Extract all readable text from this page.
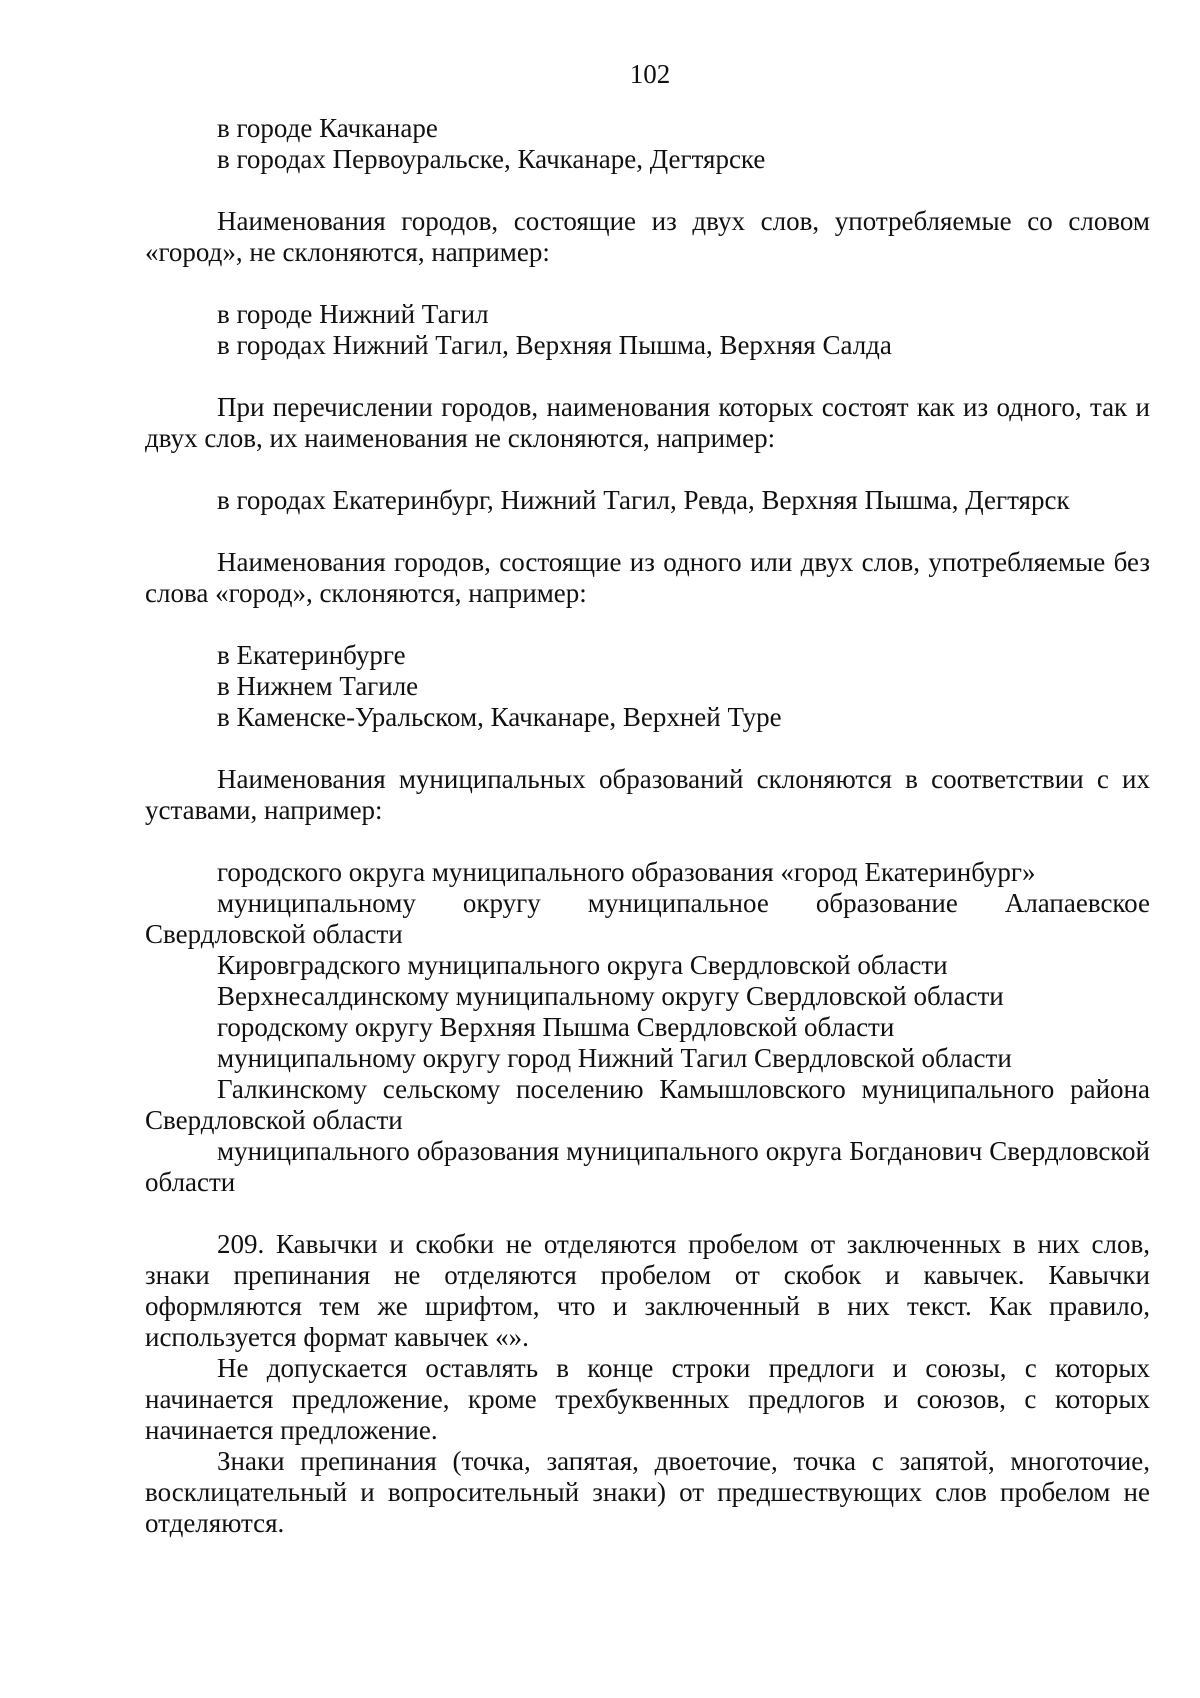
102
в городе Качканаре
в городах Первоуральске, Качканаре, Дегтярске

Наименования городов, состоящие из двух слов, употребляемые со словом «город», не склоняются, например:

в городе Нижний Тагил
в городах Нижний Тагил, Верхняя Пышма, Верхняя Салда

При перечислении городов, наименования которых состоят как из одного, так и двух слов, их наименования не склоняются, например:

в городах Екатеринбург, Нижний Тагил, Ревда, Верхняя Пышма, Дегтярск

Наименования городов, состоящие из одного или двух слов, употребляемые без слова «город», склоняются, например:

в Екатеринбурге
в Нижнем Тагиле
в Каменске-Уральском, Качканаре, Верхней Туре

Наименования муниципальных образований склоняются в соответствии с их уставами, например:

городского округа муниципального образования «город Екатеринбург»
муниципальному округу муниципальное образование Алапаевское Свердловской области
Кировградского муниципального округа Свердловской области
Верхнесалдинскому муниципальному округу Свердловской области
городскому округу Верхняя Пышма Свердловской области
муниципальному округу город Нижний Тагил Свердловской области
Галкинскому сельскому поселению Камышловского муниципального района Свердловской области
муниципального образования муниципального округа Богданович Свердловской области

209. Кавычки и скобки не отделяются пробелом от заключенных в них слов, знаки препинания не отделяются пробелом от скобок и кавычек. Кавычки оформляются тем же шрифтом, что и заключенный в них текст. Как правило, используется формат кавычек «».

Не допускается оставлять в конце строки предлоги и союзы, с которых начинается предложение, кроме трехбуквенных предлогов и союзов, с которых начинается предложение.

Знаки препинания (точка, запятая, двоеточие, точка с запятой, многоточие, восклицательный и вопросительный знаки) от предшествующих слов пробелом не отделяются.
